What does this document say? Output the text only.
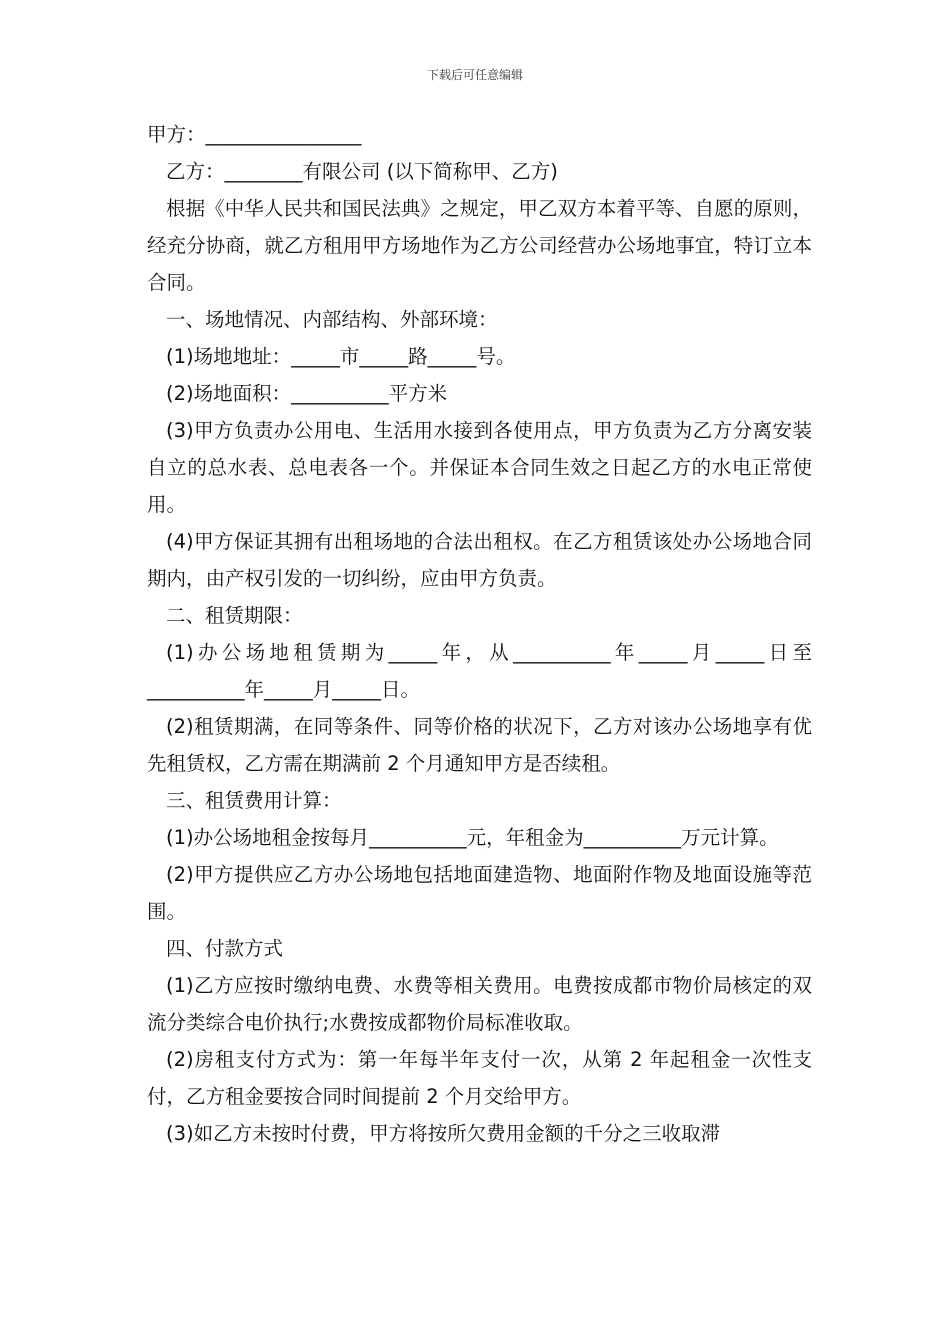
下载后可任意编辑

甲方：________________

乙方：________有限公司 (以下简称甲、乙方)

根据《中华人民共和国民法典》之规定，甲乙双方本着平等、自愿的原则，经充分协商，就乙方租用甲方场地作为乙方公司经营办公场地事宜，特订立本合同。

一、场地情况、内部结构、外部环境：

(1)场地地址：_____市_____路_____号。

(2)场地面积：__________平方米

(3)甲方负责办公用电、生活用水接到各使用点，甲方负责为乙方分离安装自立的总水表、总电表各一个。并保证本合同生效之日起乙方的水电正常使用。

(4)甲方保证其拥有出租场地的合法出租权。在乙方租赁该处办公场地合同期内，由产权引发的一切纠纷，应由甲方负责。

二、租赁期限：

(1)办公场地租赁期为_____年，从__________年_____月_____日至__________年_____月_____日。

(2)租赁期满，在同等条件、同等价格的状况下，乙方对该办公场地享有优先租赁权，乙方需在期满前 2 个月通知甲方是否续租。

三、租赁费用计算：

(1)办公场地租金按每月__________元，年租金为__________万元计算。

(2)甲方提供应乙方办公场地包括地面建造物、地面附作物及地面设施等范围。

四、付款方式

(1)乙方应按时缴纳电费、水费等相关费用。电费按成都市物价局核定的双流分类综合电价执行;水费按成都物价局标准收取。

(2)房租支付方式为：第一年每半年支付一次，从第 2 年起租金一次性支付，乙方租金要按合同时间提前 2 个月交给甲方。

(3)如乙方未按时付费，甲方将按所欠费用金额的千分之三收取滞
